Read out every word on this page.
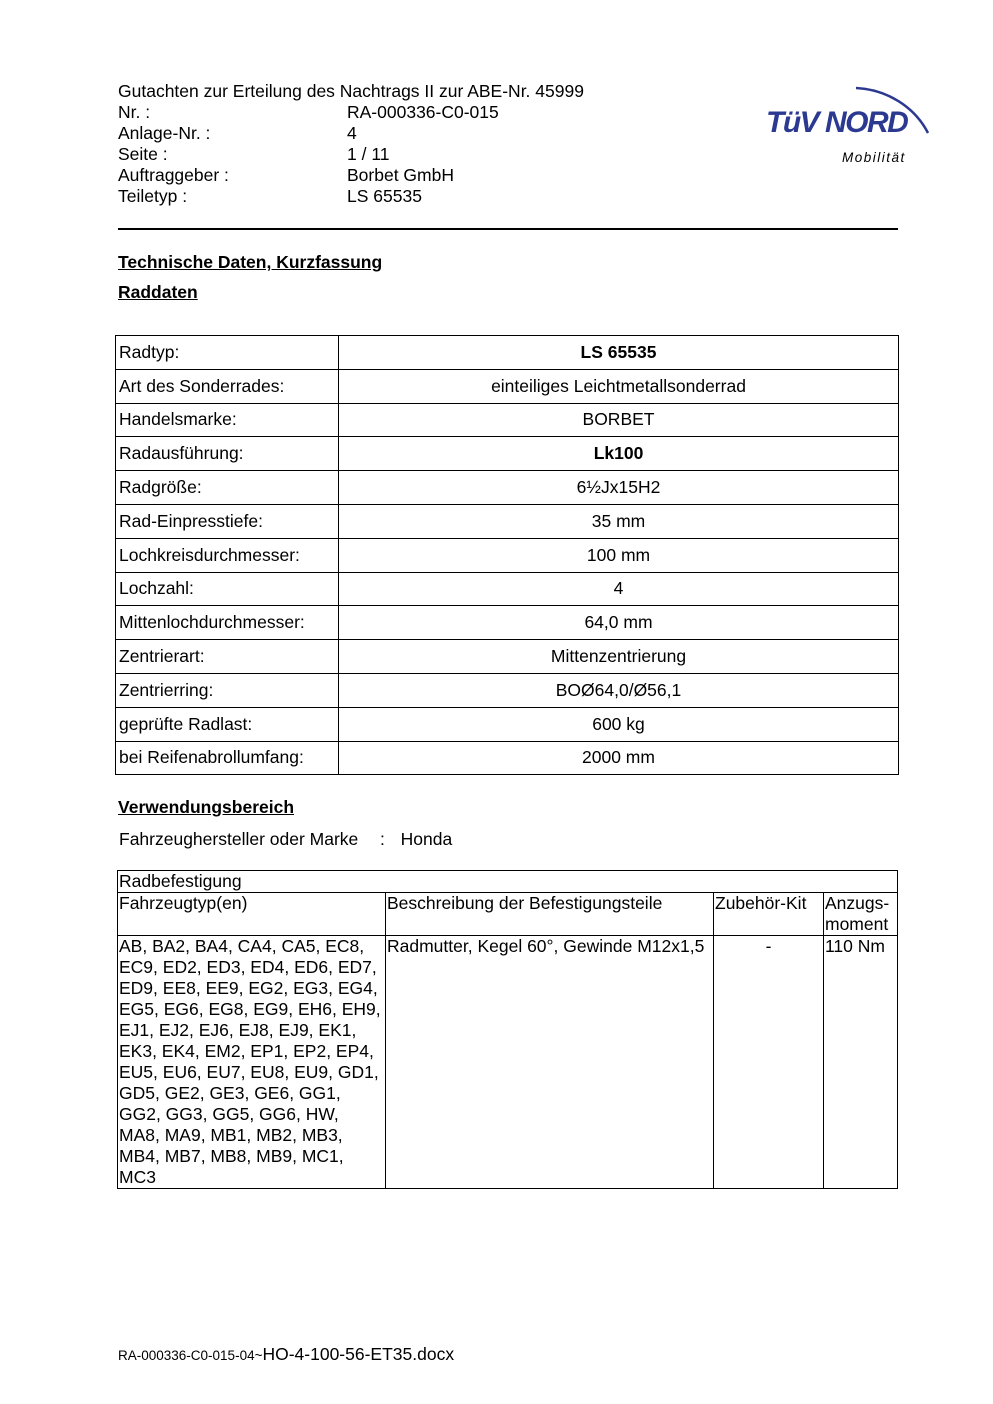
Gutachten zur Erteilung des Nachtrags II zur ABE-Nr. 45999
Nr. :	RA-000336-C0-015
Anlage-Nr. :	4
Seite :	1 / 11
Auftraggeber :	Borbet GmbH
Teiletyp :	LS 65535
TüV NORD
Mobilität
Technische Daten, Kurzfassung
Raddaten
Radtyp:	LS 65535
Art des Sonderrades:	einteiliges Leichtmetallsonderrad
Handelsmarke:	BORBET
Radausführung:	Lk100
Radgröße:	6½Jx15H2
Rad-Einpresstiefe:	35 mm
Lochkreisdurchmesser:	100 mm
Lochzahl:	4
Mittenlochdurchmesser:	64,0 mm
Zentrierart:	Mittenzentrierung
Zentrierring:	BOØ64,0/Ø56,1
geprüfte Radlast:	600 kg
bei Reifenabrollumfang:	2000 mm
Verwendungsbereich
Fahrzeughersteller oder Marke : Honda
Radbefestigung			
Fahrzeugtyp(en)	Beschreibung der Befestigungsteile	Zubehör-Kit	Anzugs-
moment
AB, BA2, BA4, CA4, CA5, EC8, EC9, ED2, ED3, ED4, ED6, ED7, ED9, EE8, EE9, EG2, EG3, EG4, EG5, EG6, EG8, EG9, EH6, EH9, EJ1, EJ2, EJ6, EJ8, EJ9, EK1, EK3, EK4, EM2, EP1, EP2, EP4, EU5, EU6, EU7, EU8, EU9, GD1, GD5, GE2, GE3, GE6, GG1, GG2, GG3, GG5, GG6, HW, MA8, MA9, MB1, MB2, MB3, MB4, MB7, MB8, MB9, MC1, MC3	Radmutter, Kegel 60°, Gewinde M12x1,5	-	110 Nm
RA-000336-C0-015-04~HO-4-100-56-ET35.docx
